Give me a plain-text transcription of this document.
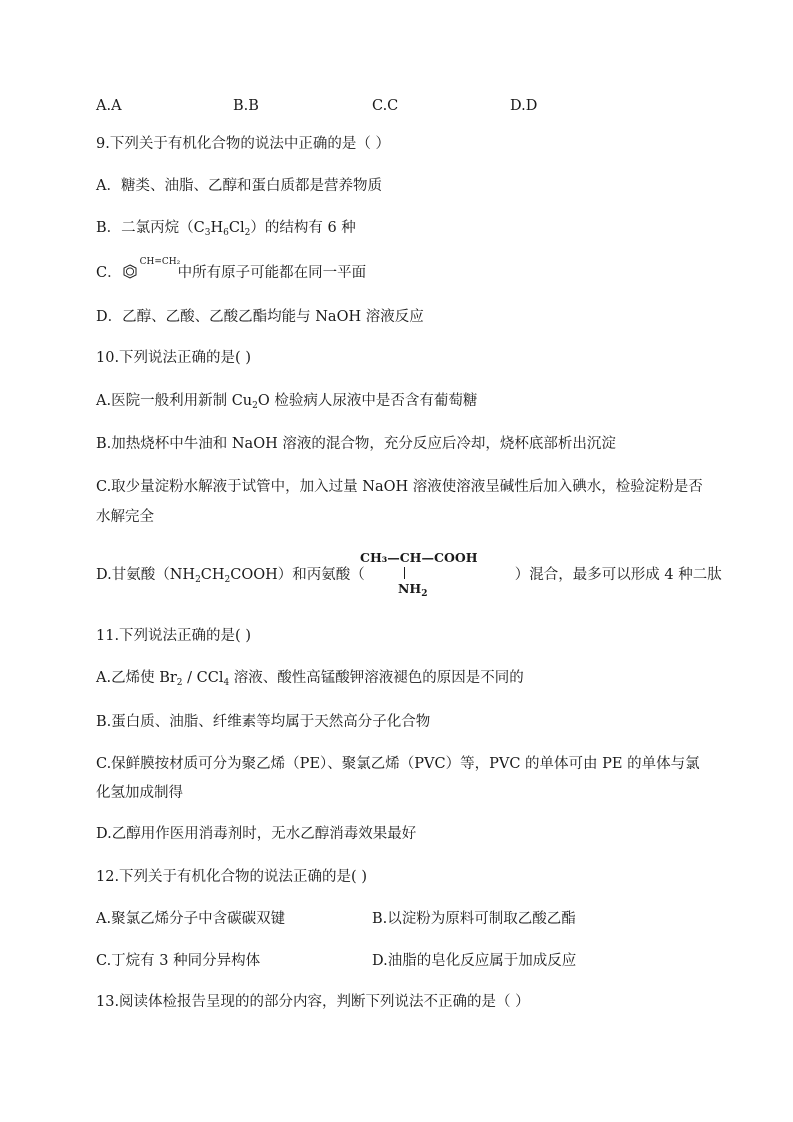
A.A	B.B	C.C	D.D
9.下列关于有机化合物的说法中正确的是（ ）
A．糖类、油脂、乙醇和蛋白质都是营养物质
B．二氯丙烷$(C_3H_6Cl_2)$的结构有 6 种
C．
CH=CH₂
中所有原子可能都在同一平面
D．乙醇、乙酸、乙酸乙酯均能与 NaOH 溶液反应
10.下列说法正确的是( )
A.医院一般利用新制 $Cu_2O$ 检验病人尿液中是否含有葡萄糖
B.加热烧杯中牛油和 NaOH 溶液的混合物，充分反应后冷却，烧杯底部析出沉淀
C.取少量淀粉水解液于试管中，加入过量 NaOH 溶液使溶液呈碱性后加入碘水，检验淀粉是否
水解完全
D.甘氨酸$(NH_2CH_2COOH)$和丙氨酸（	）混合，最多可以形成 4 种二肽
CH₃—CH—COOH
$NH_2$
11.下列说法正确的是( )
A.乙烯使 $Br_2 / CCl_4$ 溶液、酸性高锰酸钾溶液褪色的原因是不同的
B.蛋白质、油脂、纤维素等均属于天然高分子化合物
C.保鲜膜按材质可分为聚乙烯（PE）、聚氯乙烯（PVC）等，PVC 的单体可由 PE 的单体与氯
化氢加成制得
D.乙醇用作医用消毒剂时，无水乙醇消毒效果最好
12.下列关于有机化合物的说法正确的是( )
A.聚氯乙烯分子中含碳碳双键	B.以淀粉为原料可制取乙酸乙酯
C.丁烷有 3 种同分异构体	D.油脂的皂化反应属于加成反应
13.阅读体检报告呈现的的部分内容，判断下列说法不正确的是（ ）
